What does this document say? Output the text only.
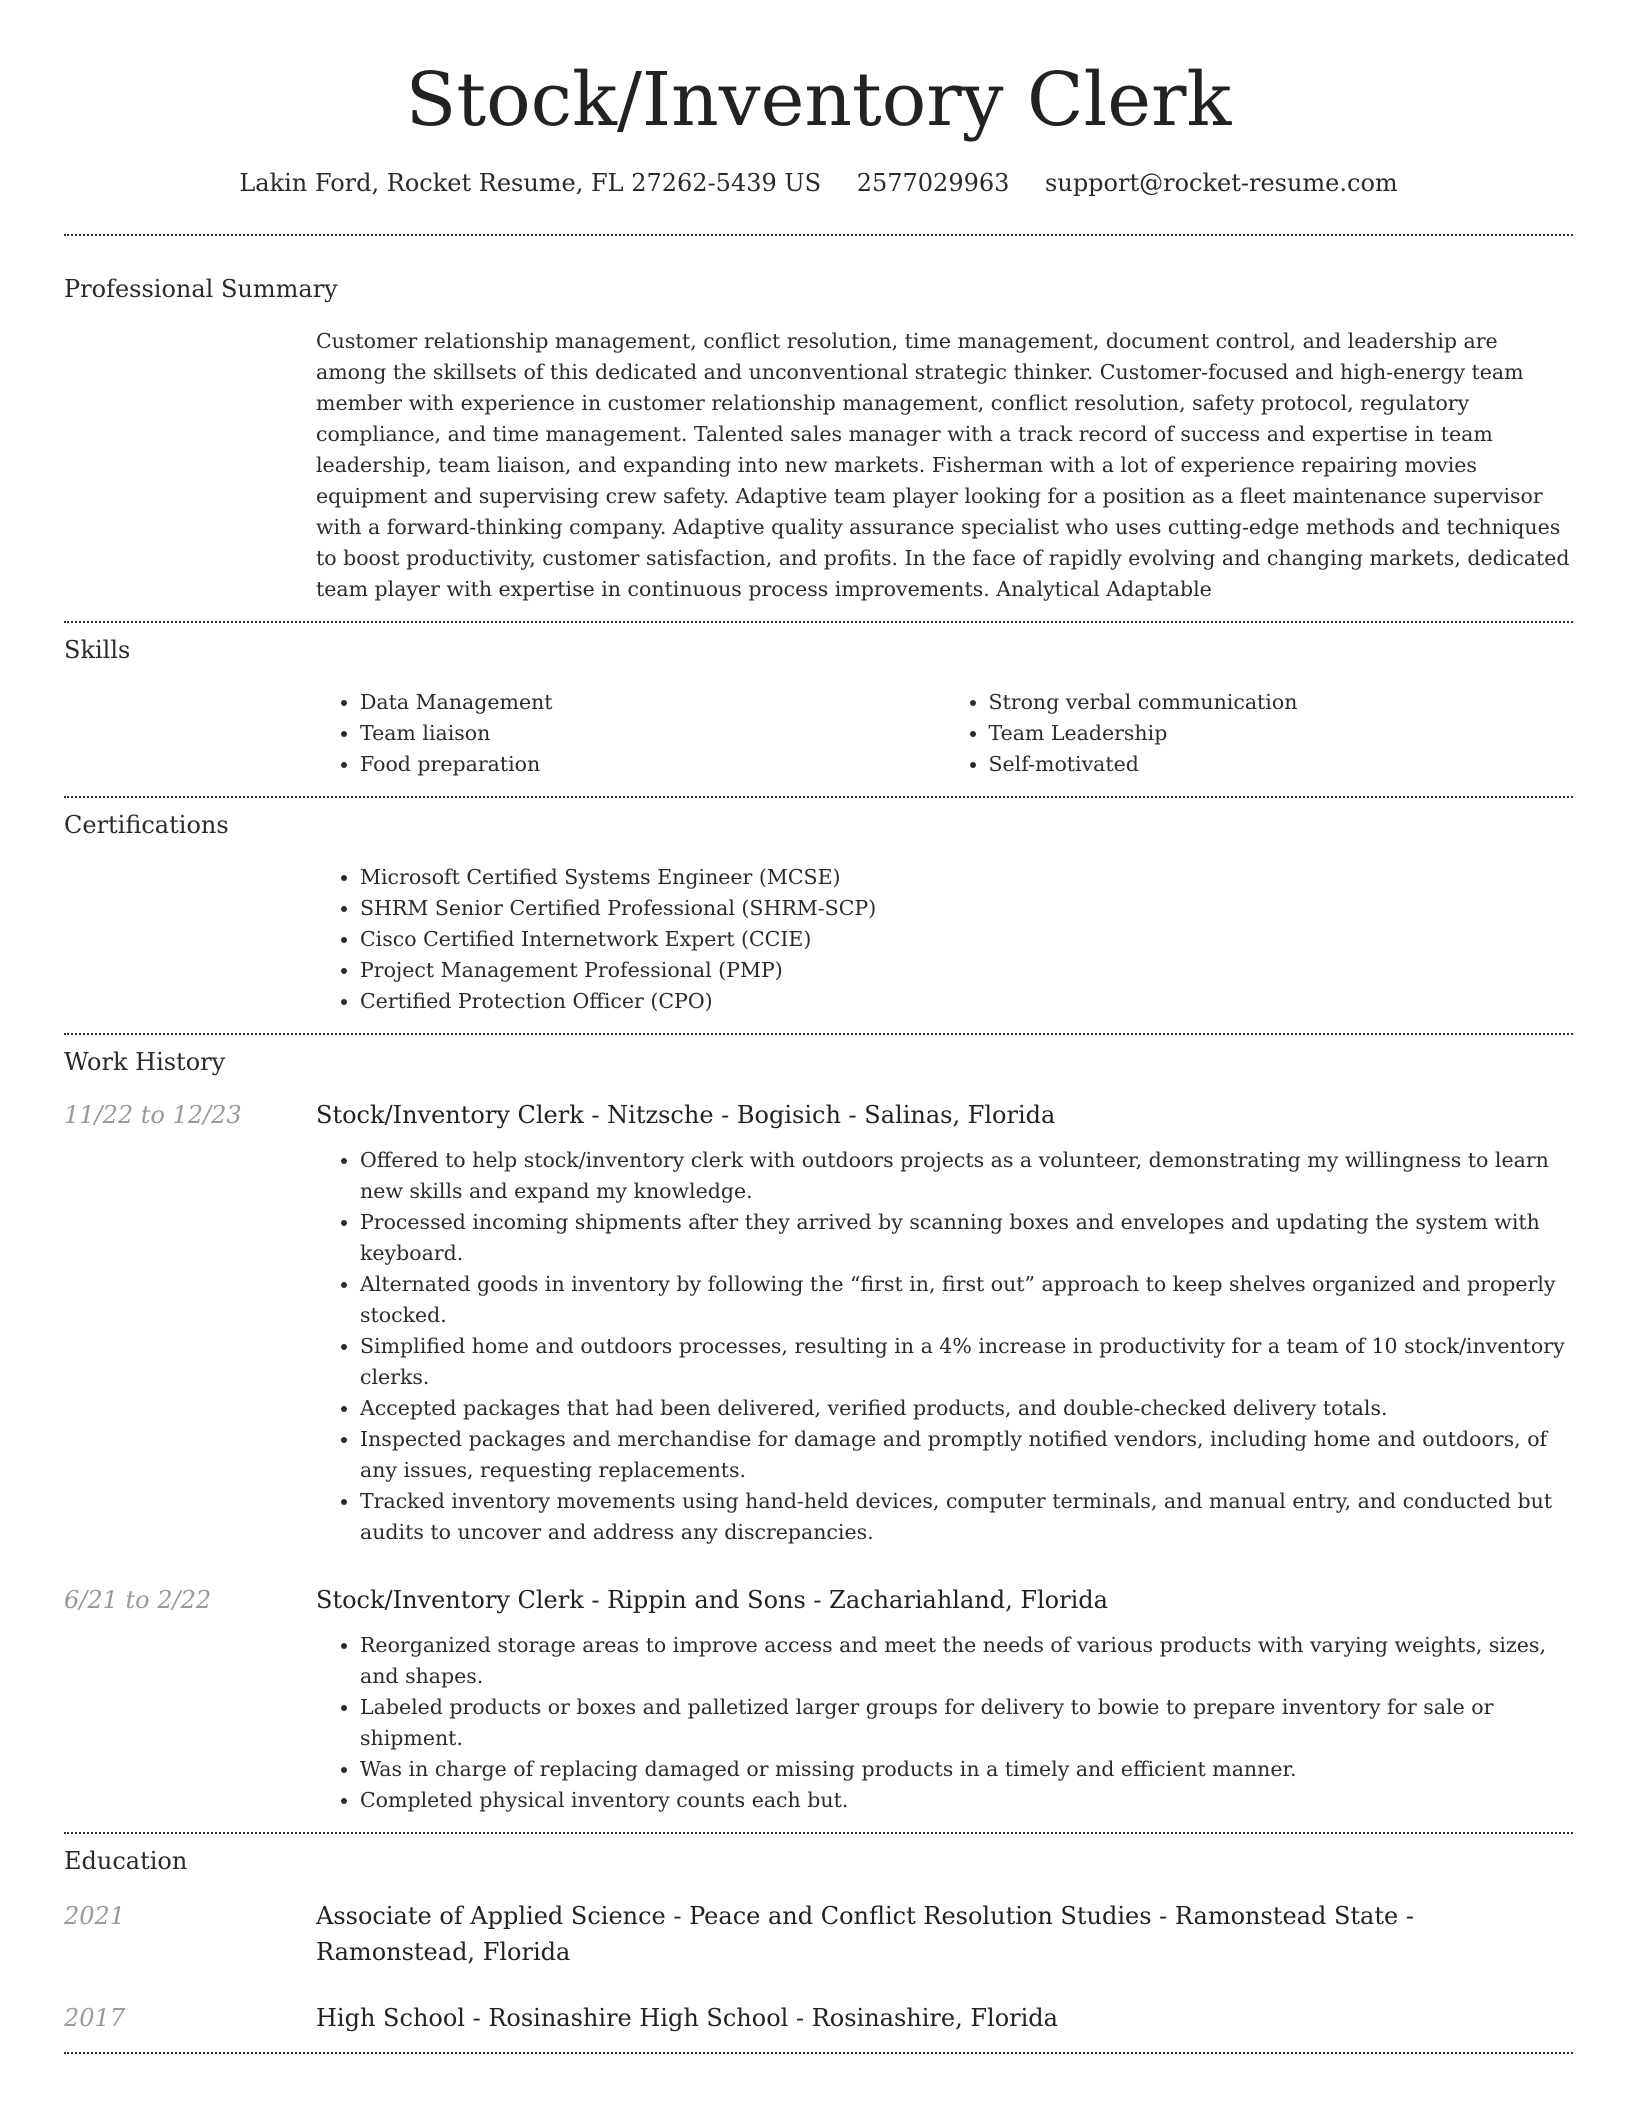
Stock/Inventory Clerk
Lakin Ford, Rocket Resume, FL 27262-5439 US 2577029963 support@rocket-resume.com
Professional Summary

Customer relationship management, conflict resolution, time management, document control, and leadership are among the skillsets of this dedicated and unconventional strategic thinker. Customer-focused and high-energy team member with experience in customer relationship management, conflict resolution, safety protocol, regulatory compliance, and time management. Talented sales manager with a track record of success and expertise in team leadership, team liaison, and expanding into new markets. Fisherman with a lot of experience repairing movies equipment and supervising crew safety. Adaptive team player looking for a position as a fleet maintenance supervisor with a forward-thinking company. Adaptive quality assurance specialist who uses cutting-edge methods and techniques to boost productivity, customer satisfaction, and profits. In the face of rapidly evolving and changing markets, dedicated team player with expertise in continuous process improvements. Analytical Adaptable

Skills
• Data Management
• Team liaison
• Food preparation
• Strong verbal communication
• Team Leadership
• Self-motivated
Certifications
• Microsoft Certified Systems Engineer (MCSE)
• SHRM Senior Certified Professional (SHRM-SCP)
• Cisco Certified Internetwork Expert (CCIE)
• Project Management Professional (PMP)
• Certified Protection Officer (CPO)
Work History
11/22 to 12/23	Stock/Inventory Clerk - Nitzsche - Bogisich - Salinas, Florida
• Offered to help stock/inventory clerk with outdoors projects as a volunteer, demonstrating my willingness to learn new skills and expand my knowledge.
• Processed incoming shipments after they arrived by scanning boxes and envelopes and updating the system with keyboard.
• Alternated goods in inventory by following the “first in, first out” approach to keep shelves organized and properly stocked.
• Simplified home and outdoors processes, resulting in a 4% increase in productivity for a team of 10 stock/inventory clerks.
• Accepted packages that had been delivered, verified products, and double-checked delivery totals.
• Inspected packages and merchandise for damage and promptly notified vendors, including home and outdoors, of any issues, requesting replacements.
• Tracked inventory movements using hand-held devices, computer terminals, and manual entry, and conducted but audits to uncover and address any discrepancies.
6/21 to 2/22	Stock/Inventory Clerk - Rippin and Sons - Zachariahland, Florida
• Reorganized storage areas to improve access and meet the needs of various products with varying weights, sizes, and shapes.
• Labeled products or boxes and palletized larger groups for delivery to bowie to prepare inventory for sale or shipment.
• Was in charge of replacing damaged or missing products in a timely and efficient manner.
• Completed physical inventory counts each but.
Education
2021	Associate of Applied Science - Peace and Conflict Resolution Studies - Ramonstead State - Ramonstead, Florida
2017	High School - Rosinashire High School - Rosinashire, Florida
